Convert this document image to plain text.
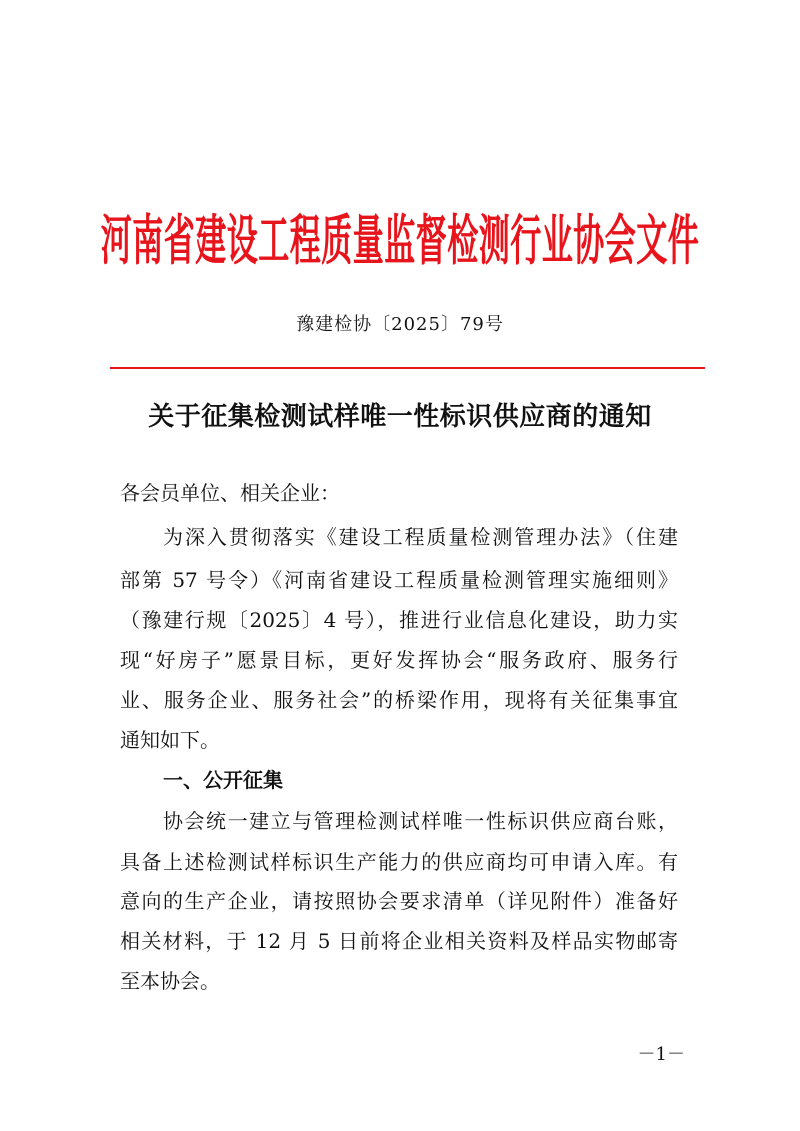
河南省建设工程质量监督检测行业协会文件
豫建检协〔2025〕79号
关于征集检测试样唯一性标识供应商的通知
各会员单位、相关企业：
为深入贯彻落实《建设工程质量检测管理办法》（住建
部第 57 号令）《河南省建设工程质量检测管理实施细则》
（豫建行规〔2025〕4 号），推进行业信息化建设，助力实
现“好房子”愿景目标，更好发挥协会“服务政府、服务行
业、服务企业、服务社会”的桥梁作用，现将有关征集事宜
通知如下。
一、公开征集
协会统一建立与管理检测试样唯一性标识供应商台账，
具备上述检测试样标识生产能力的供应商均可申请入库。有
意向的生产企业，请按照协会要求清单（详见附件）准备好
相关材料，于 12 月 5 日前将企业相关资料及样品实物邮寄
至本协会。
－1－
